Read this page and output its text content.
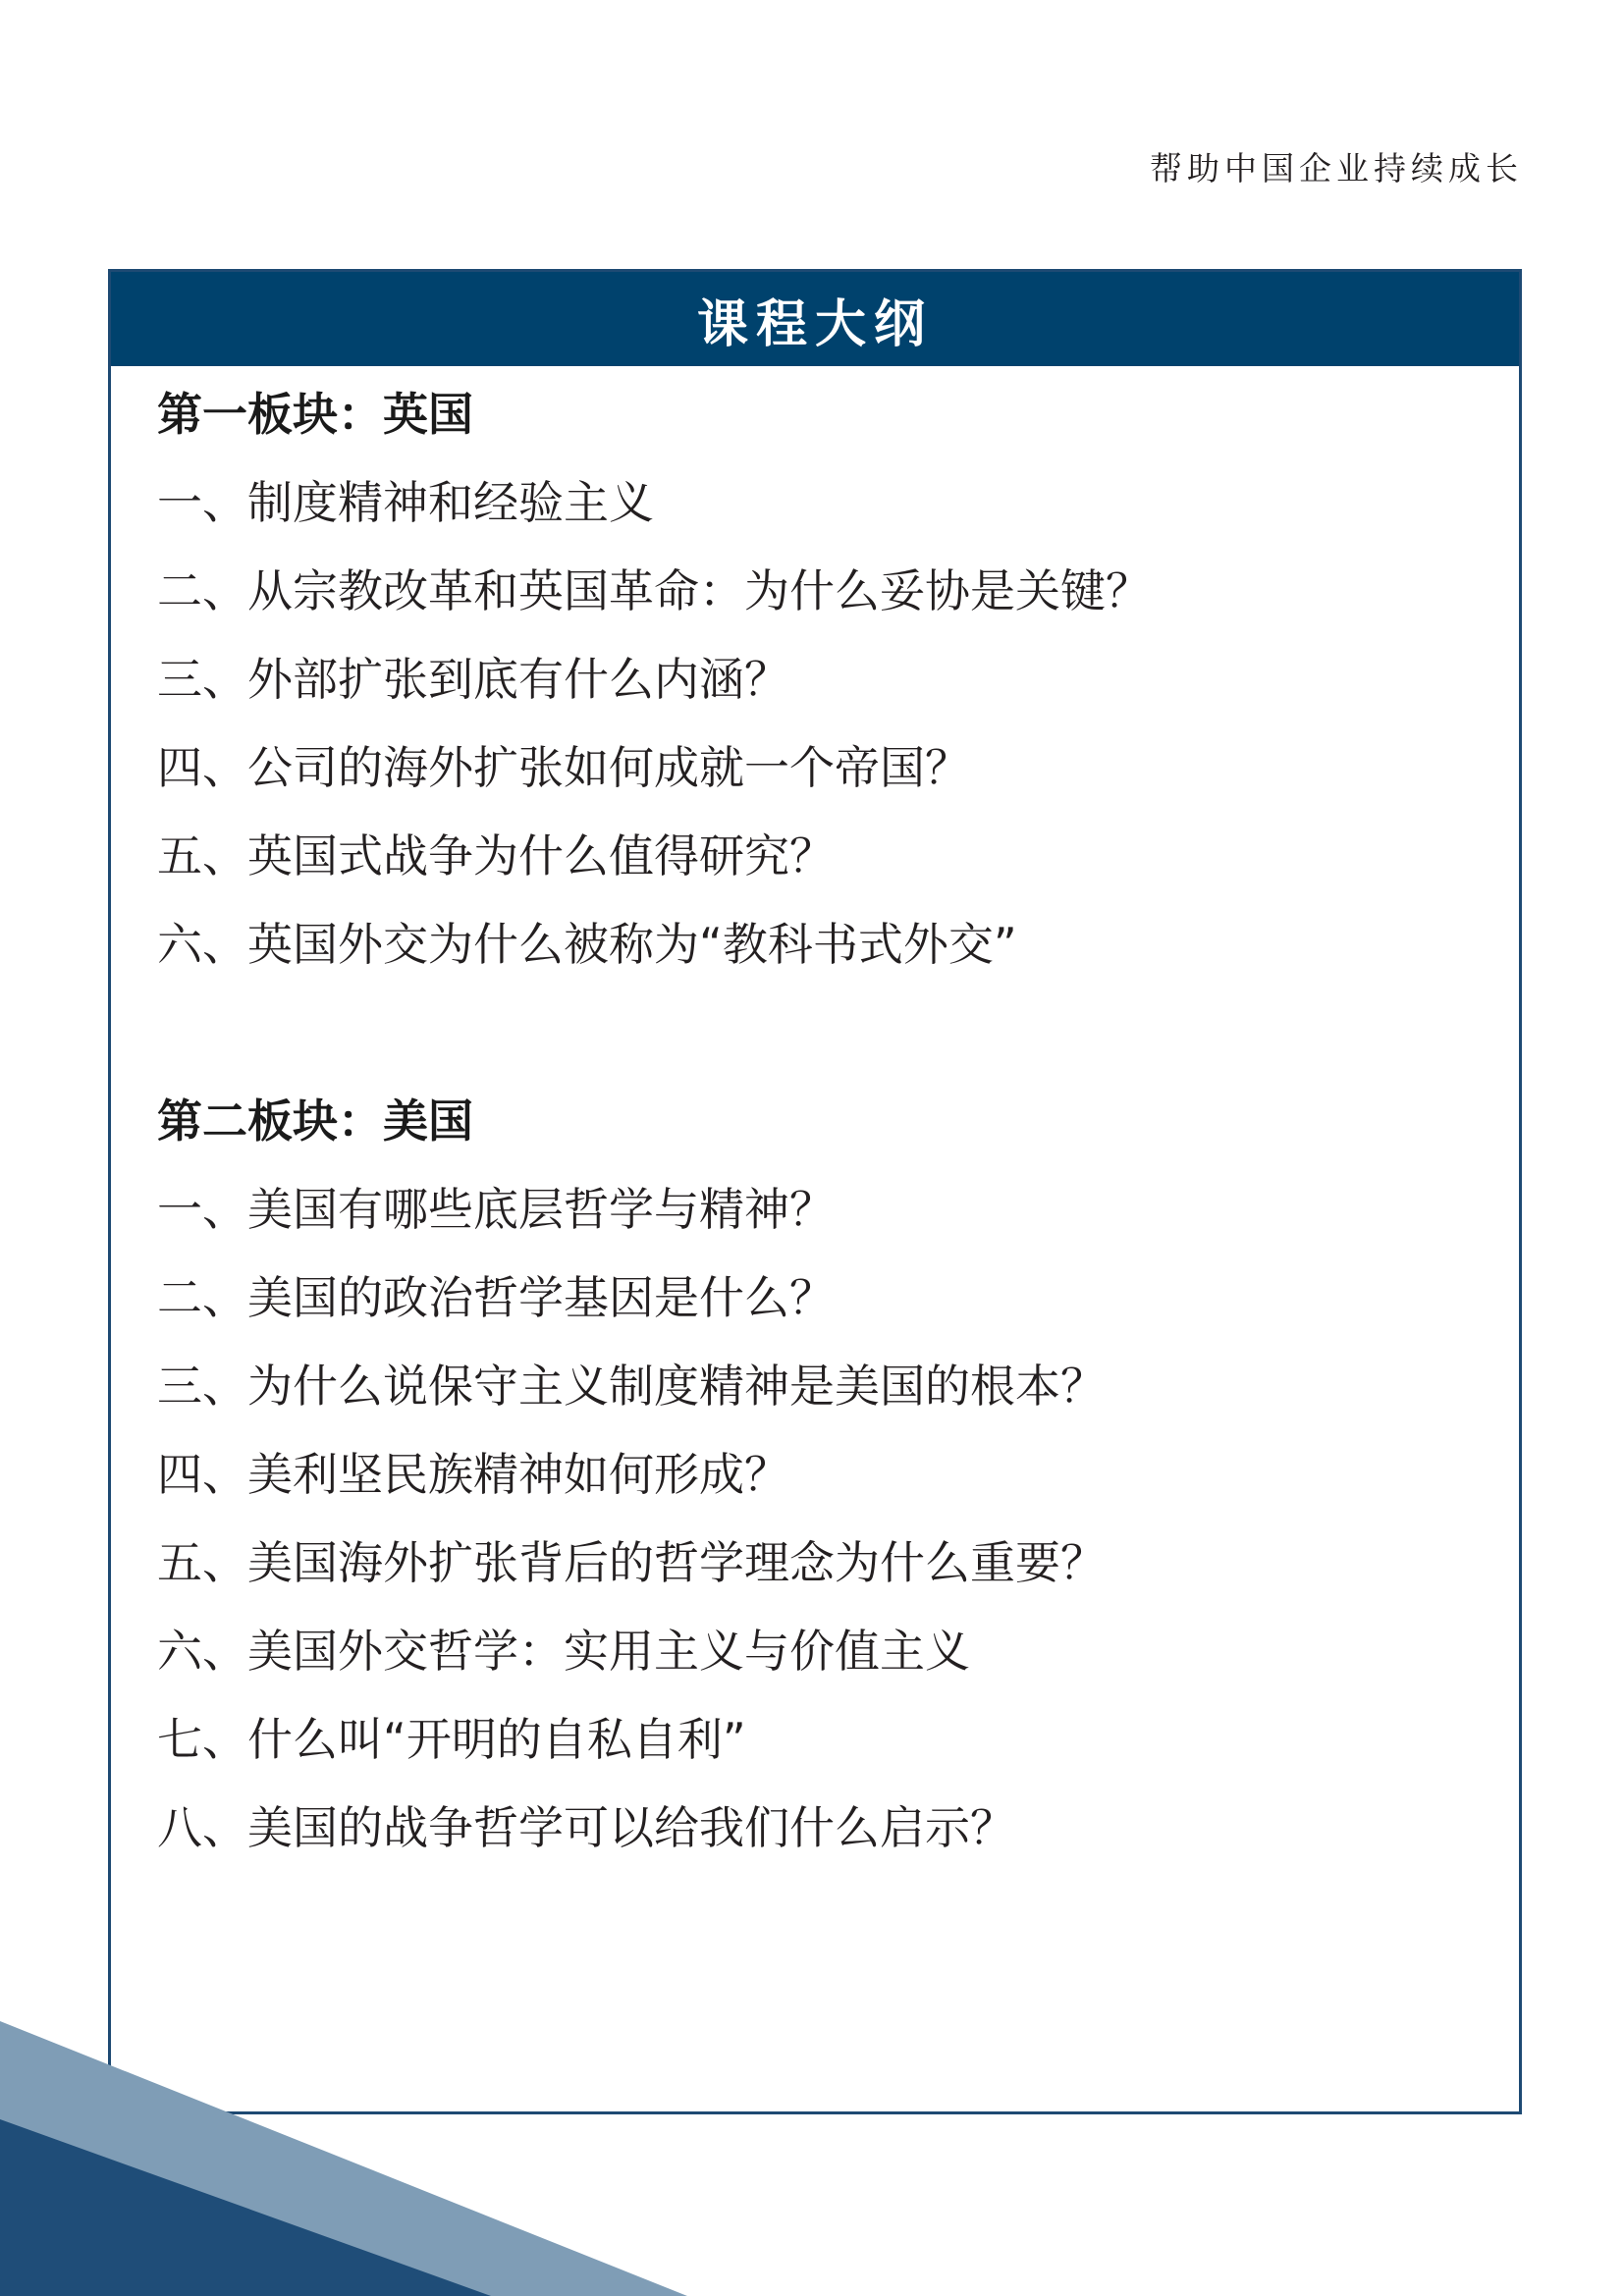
帮助中国企业持续成长
课程大纲
第一板块：英国
一、制度精神和经验主义
二、从宗教改革和英国革命：为什么妥协是关键？
三、外部扩张到底有什么内涵？
四、公司的海外扩张如何成就一个帝国？
五、英国式战争为什么值得研究？
六、英国外交为什么被称为“教科书式外交”
第二板块：美国
一、美国有哪些底层哲学与精神？
二、美国的政治哲学基因是什么？
三、为什么说保守主义制度精神是美国的根本？
四、美利坚民族精神如何形成？
五、美国海外扩张背后的哲学理念为什么重要？
六、美国外交哲学：实用主义与价值主义
七、什么叫“开明的自私自利”
八、美国的战争哲学可以给我们什么启示？
